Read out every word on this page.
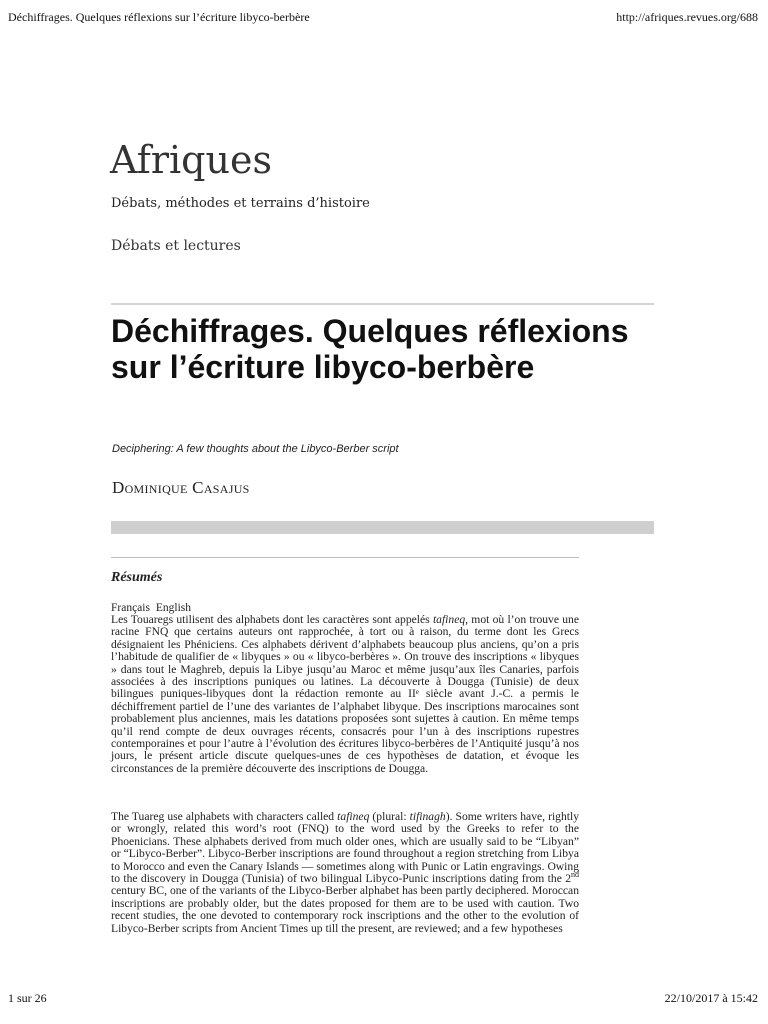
Déchiffrages. Quelques réflexions sur l’écriture libyco-berbère	http://afriques.revues.org/688
Afriques
Débats, méthodes et terrains d’histoire
Débats et lectures
Déchiffrages. Quelques réflexions sur l’écriture libyco-berbère
Deciphering: A few thoughts about the Libyco-Berber script
Dominique Casajus
Résumés
Français English

Les Touaregs utilisent des alphabets dont les caractères sont appelés tafineq, mot où l’on trouve une racine FNQ que certains auteurs ont rapprochée, à tort ou à raison, du terme dont les Grecs désignaient les Phéniciens. Ces alphabets dérivent d’alphabets beaucoup plus anciens, qu’on a pris l’habitude de qualifier de « libyques » ou « libyco-berbères ». On trouve des inscriptions « libyques » dans tout le Maghreb, depuis la Libye jusqu’au Maroc et même jusqu’aux îles Canaries, parfois associées à des inscriptions puniques ou latines. La découverte à Dougga (Tunisie) de deux bilingues puniques-libyques dont la rédaction remonte au IIᵉ siècle avant J.-C. a permis le déchiffrement partiel de l’une des variantes de l’alphabet libyque. Des inscriptions marocaines sont probablement plus anciennes, mais les datations proposées sont sujettes à caution. En même temps qu’il rend compte de deux ouvrages récents, consacrés pour l’un à des inscriptions rupestres contemporaines et pour l’autre à l’évolution des écritures libyco-berbères de l’Antiquité jusqu’à nos jours, le présent article discute quelques-unes de ces hypothèses de datation, et évoque les circonstances de la première découverte des inscriptions de Dougga.

The Tuareg use alphabets with characters called tafineq (plural: tifinagh). Some writers have, rightly or wrongly, related this word’s root (FNQ) to the word used by the Greeks to refer to the Phoenicians. These alphabets derived from much older ones, which are usually said to be “Libyan” or “Libyco-Berber”. Libyco-Berber inscriptions are found throughout a region stretching from Libya to Morocco and even the Canary Islands — sometimes along with Punic or Latin engravings. Owing to the discovery in Dougga (Tunisia) of two bilingual Libyco-Punic inscriptions dating from the 2nd century BC, one of the variants of the Libyco-Berber alphabet has been partly deciphered. Moroccan inscriptions are probably older, but the dates proposed for them are to be used with caution. Two recent studies, the one devoted to contemporary rock inscriptions and the other to the evolution of Libyco-Berber scripts from Ancient Times up till the present, are reviewed; and a few hypotheses

1 sur 26	22/10/2017 à 15:42
